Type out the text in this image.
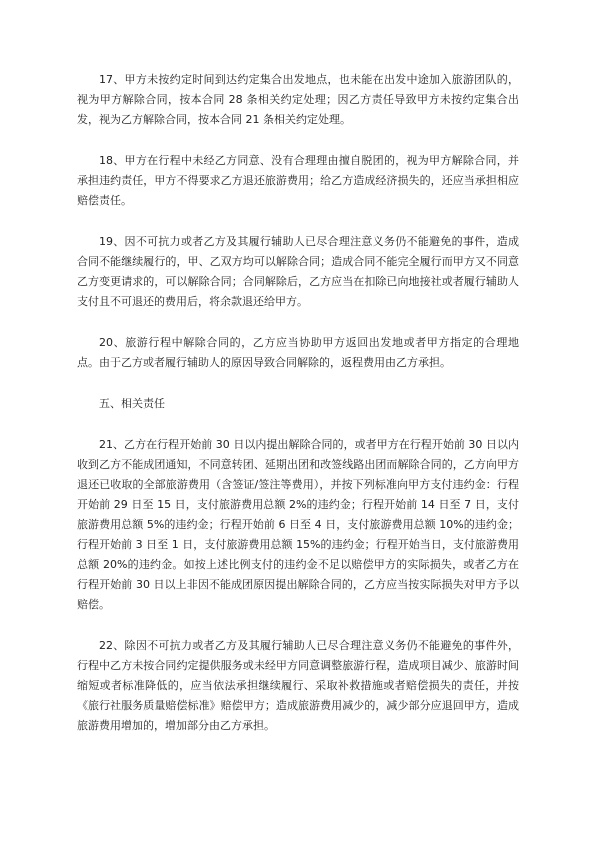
17、甲方未按约定时间到达约定集合出发地点，也未能在出发中途加入旅游团队的，视为甲方解除合同，按本合同 28 条相关约定处理；因乙方责任导致甲方未按约定集合出发，视为乙方解除合同，按本合同 21 条相关约定处理。

18、甲方在行程中未经乙方同意、没有合理理由擅自脱团的，视为甲方解除合同，并承担违约责任，甲方不得要求乙方退还旅游费用；给乙方造成经济损失的，还应当承担相应赔偿责任。

19、因不可抗力或者乙方及其履行辅助人已尽合理注意义务仍不能避免的事件，造成合同不能继续履行的，甲、乙双方均可以解除合同；造成合同不能完全履行而甲方又不同意乙方变更请求的，可以解除合同；合同解除后，乙方应当在扣除已向地接社或者履行辅助人支付且不可退还的费用后，将余款退还给甲方。

20、旅游行程中解除合同的，乙方应当协助甲方返回出发地或者甲方指定的合理地点。由于乙方或者履行辅助人的原因导致合同解除的，返程费用由乙方承担。

五、相关责任

21、乙方在行程开始前 30 日以内提出解除合同的，或者甲方在行程开始前 30 日以内收到乙方不能成团通知，不同意转团、延期出团和改签线路出团而解除合同的，乙方向甲方退还已收取的全部旅游费用（含签证/签注等费用），并按下列标准向甲方支付违约金：行程开始前 29 日至 15 日，支付旅游费用总额 2%的违约金；行程开始前 14 日至 7 日，支付旅游费用总额 5%的违约金；行程开始前 6 日至 4 日，支付旅游费用总额 10%的违约金；行程开始前 3 日至 1 日，支付旅游费用总额 15%的违约金；行程开始当日，支付旅游费用总额 20%的违约金。如按上述比例支付的违约金不足以赔偿甲方的实际损失，或者乙方在行程开始前 30 日以上非因不能成团原因提出解除合同的，乙方应当按实际损失对甲方予以赔偿。

22、除因不可抗力或者乙方及其履行辅助人已尽合理注意义务仍不能避免的事件外，行程中乙方未按合同约定提供服务或未经甲方同意调整旅游行程，造成项目减少、旅游时间缩短或者标准降低的，应当依法承担继续履行、采取补救措施或者赔偿损失的责任，并按《旅行社服务质量赔偿标准》赔偿甲方；造成旅游费用减少的，减少部分应退回甲方，造成旅游费用增加的，增加部分由乙方承担。
